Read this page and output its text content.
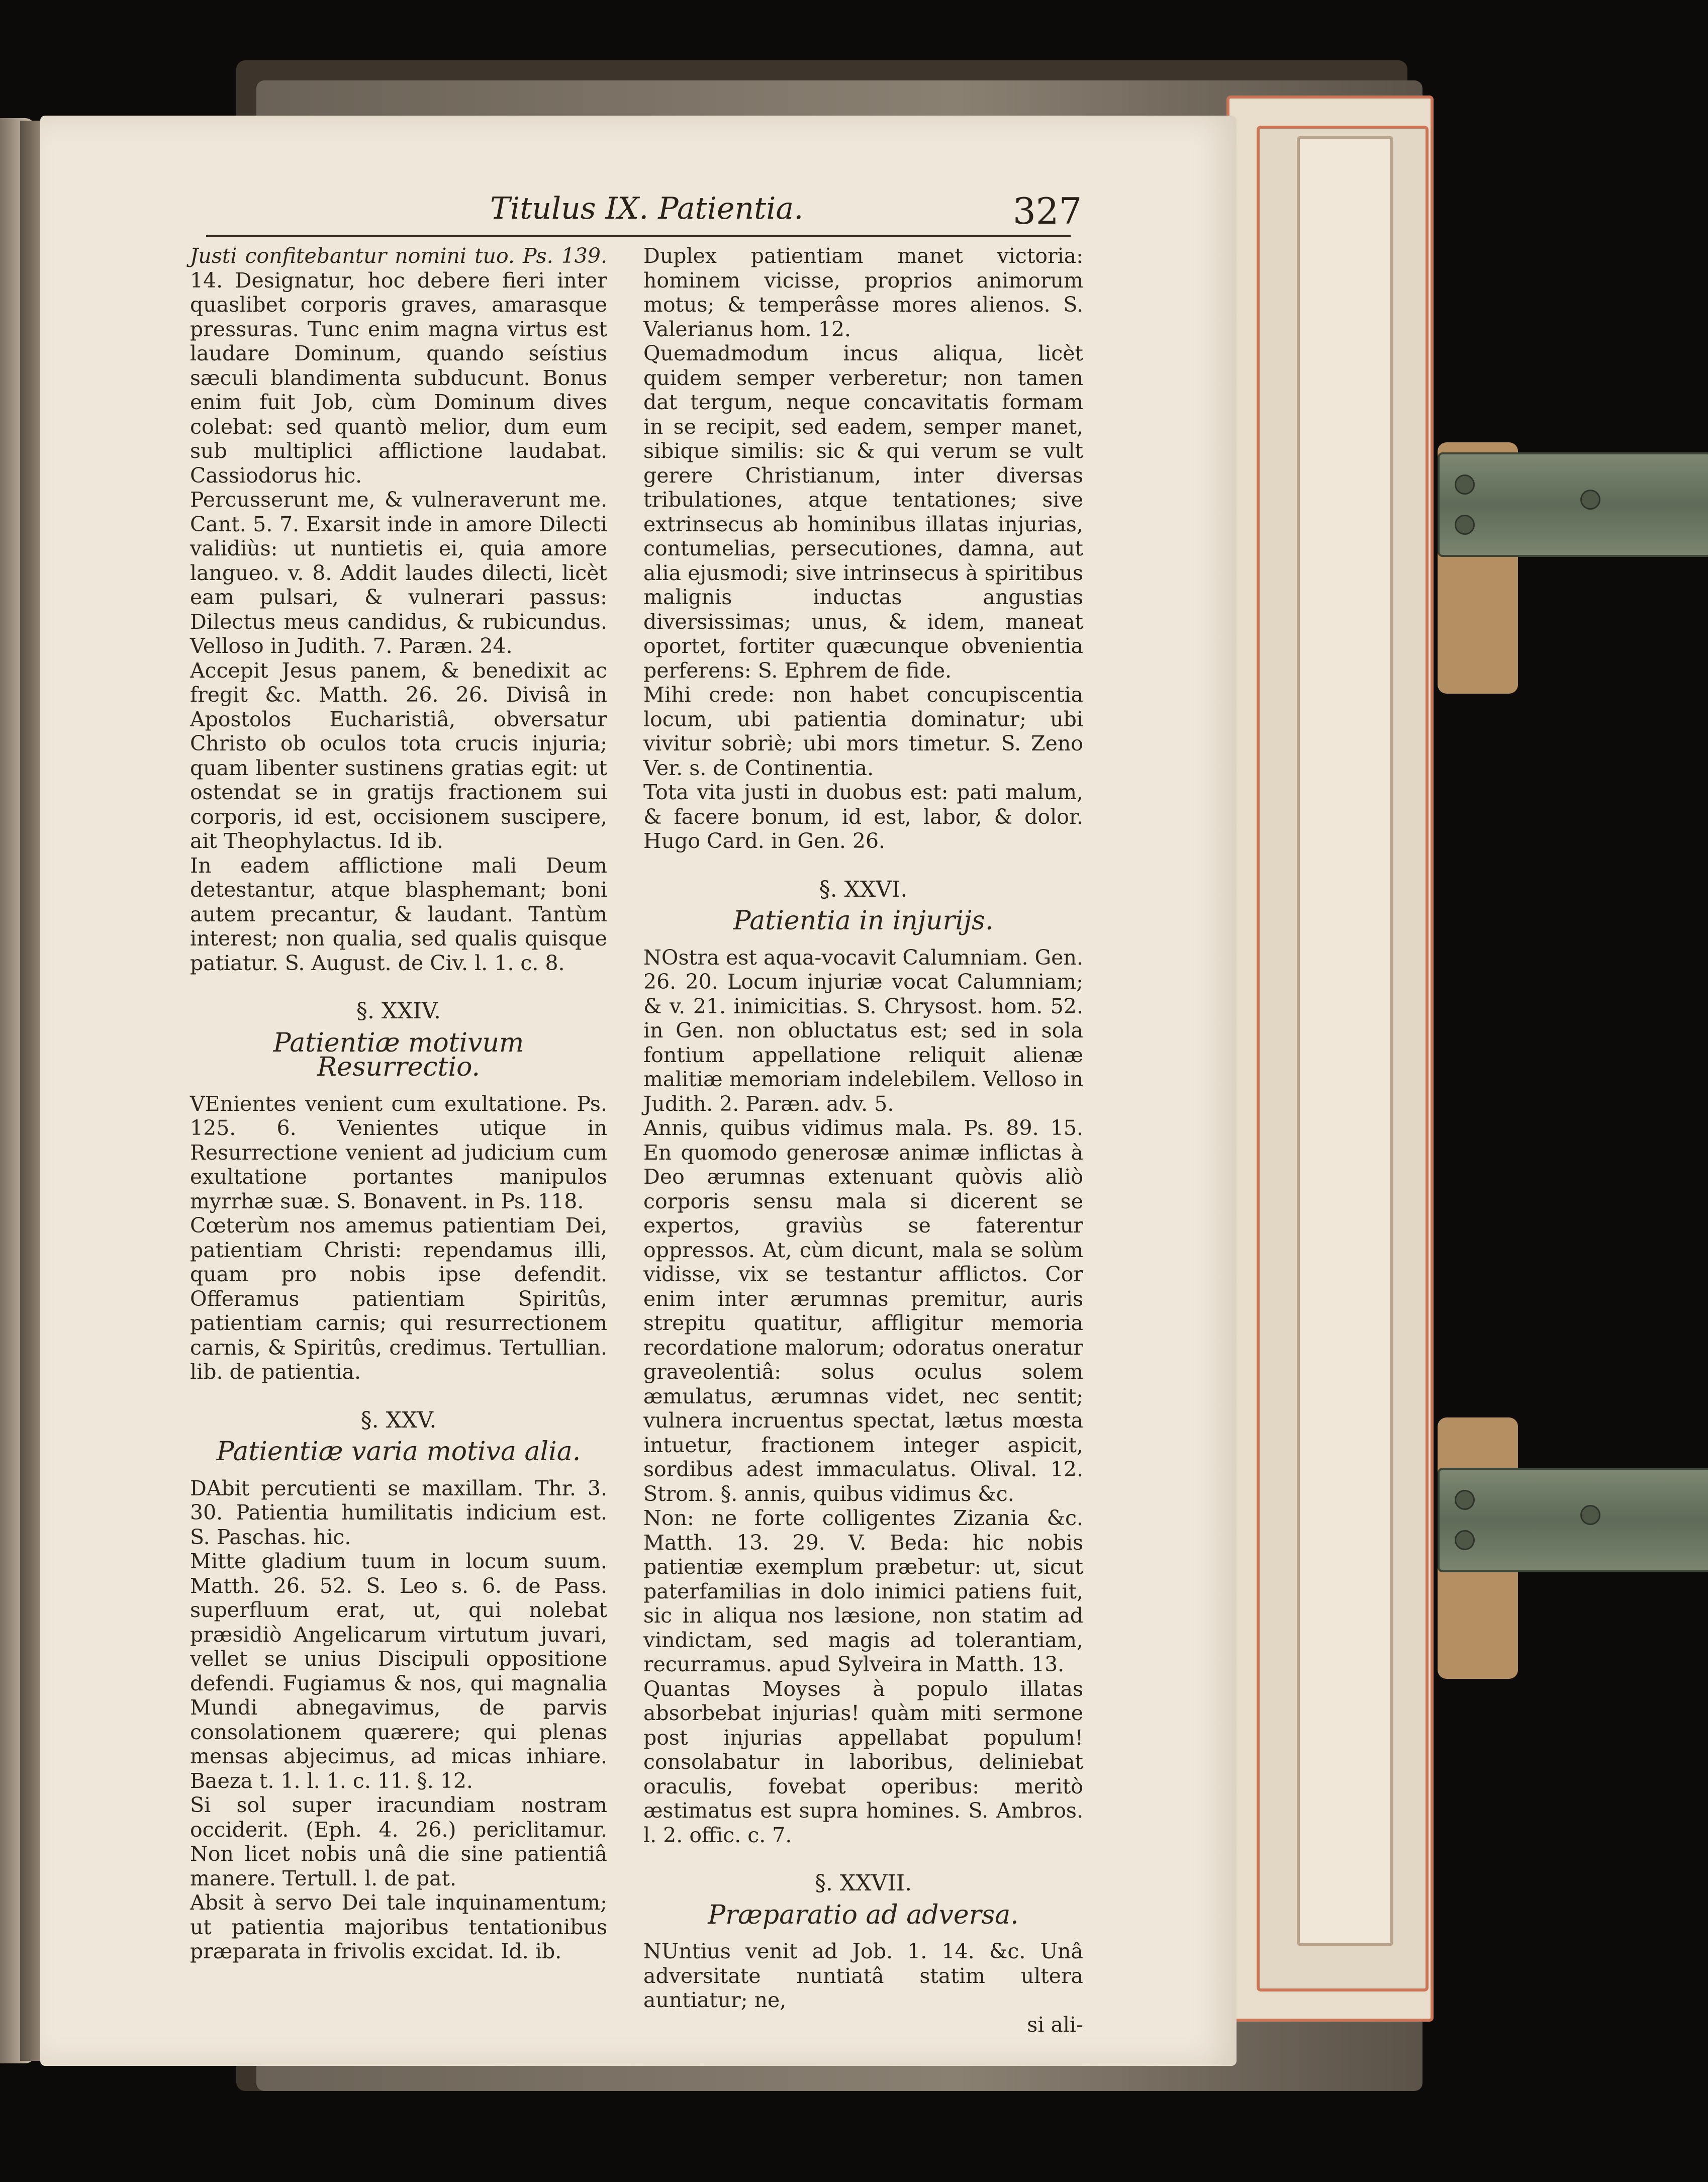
Titulus IX. Patientia.	327

Justi confitebantur nomini tuo. Ps. 139. 14. Designatur, hoc debere fieri inter quaslibet corporis graves, amarasque pressuras. Tunc enim magna virtus est laudare Dominum, quando seístius sæculi blandimenta subducunt. Bonus enim fuit Job, cùm Dominum dives colebat: sed quantò melior, dum eum sub multiplici afflictione laudabat. Cassiodorus hic.

Percusserunt me, & vulneraverunt me. Cant. 5. 7. Exarsit inde in amore Dilecti validiùs: ut nuntietis ei, quia amore langueo. v. 8. Addit laudes dilecti, licèt eam pulsari, & vulnerari passus: Dilectus meus candidus, & rubicundus. Velloso in Judith. 7. Paræn. 24.

Accepit Jesus panem, & benedixit ac fregit &c. Matth. 26. 26. Divisâ in Apostolos Eucharistiâ, obversatur Christo ob oculos tota crucis injuria; quam libenter sustinens gratias egit: ut ostendat se in gratijs fractionem sui corporis, id est, occisionem suscipere, ait Theophylactus. Id ib.

In eadem afflictione mali Deum detestantur, atque blasphemant; boni autem precantur, & laudant. Tantùm interest; non qualia, sed qualis quisque patiatur. S. August. de Civ. l. 1. c. 8.

§. XXIV.
Patientiæ motivum Resurrectio.

VEnientes venient cum exultatione. Ps. 125. 6. Venientes utique in Resurrectione venient ad judicium cum exultatione portantes manipulos myrrhæ suæ. S. Bonavent. in Ps. 118.

Cœterùm nos amemus patientiam Dei, patientiam Christi: rependamus illi, quam pro nobis ipse defendit. Offeramus patientiam Spiritûs, patientiam carnis; qui resurrectionem carnis, & Spiritûs, credimus. Tertullian. lib. de patientia.

§. XXV.
Patientiæ varia motiva alia.

DAbit percutienti se maxillam. Thr. 3. 30. Patientia humilitatis indicium est. S. Paschas. hic.

Mitte gladium tuum in locum suum. Matth. 26. 52. S. Leo s. 6. de Pass. superfluum erat, ut, qui nolebat præsidiò Angelicarum virtutum juvari, vellet se unius Discipuli oppositione defendi. Fugiamus & nos, qui magnalia Mundi abnegavimus, de parvis consolationem quærere; qui plenas mensas abjecimus, ad micas inhiare. Baeza t. 1. l. 1. c. 11. §. 12.

Si sol super iracundiam nostram occiderit. (Eph. 4. 26.) periclitamur. Non licet nobis unâ die sine patientiâ manere. Tertull. l. de pat.

Absit à servo Dei tale inquinamentum; ut patientia majoribus tentationibus præparata in frivolis excidat. Id. ib.

Duplex patientiam manet victoria: hominem vicisse, proprios animorum motus; & temperâsse mores alienos. S. Valerianus hom. 12.

Quemadmodum incus aliqua, licèt quidem semper verberetur; non tamen dat tergum, neque concavitatis formam in se recipit, sed eadem, semper manet, sibique similis: sic & qui verum se vult gerere Christianum, inter diversas tribulationes, atque tentationes; sive extrinsecus ab hominibus illatas injurias, contumelias, persecutiones, damna, aut alia ejusmodi; sive intrinsecus à spiritibus malignis inductas angustias diversissimas; unus, & idem, maneat oportet, fortiter quæcunque obvenientia perferens: S. Ephrem de fide.

Mihi crede: non habet concupiscentia locum, ubi patientia dominatur; ubi vivitur sobriè; ubi mors timetur. S. Zeno Ver. s. de Continentia.

Tota vita justi in duobus est: pati malum, & facere bonum, id est, labor, & dolor. Hugo Card. in Gen. 26.

§. XXVI.
Patientia in injurijs.

NOstra est aqua-vocavit Calumniam. Gen. 26. 20. Locum injuriæ vocat Calumniam; & v. 21. inimicitias. S. Chrysost. hom. 52. in Gen. non obluctatus est; sed in sola fontium appellatione reliquit alienæ malitiæ memoriam indelebilem. Velloso in Judith. 2. Paræn. adv. 5.

Annis, quibus vidimus mala. Ps. 89. 15. En quomodo generosæ animæ inflictas à Deo ærumnas extenuant quòvis aliò corporis sensu mala si dicerent se expertos, graviùs se faterentur oppressos. At, cùm dicunt, mala se solùm vidisse, vix se testantur afflictos. Cor enim inter ærumnas premitur, auris strepitu quatitur, affligitur memoria recordatione malorum; odoratus oneratur graveolentiâ: solus oculus solem æmulatus, ærumnas videt, nec sentit; vulnera incruentus spectat, lætus mœsta intuetur, fractionem integer aspicit, sordibus adest immaculatus. Olival. 12. Strom. §. annis, quibus vidimus &c.

Non: ne forte colligentes Zizania &c. Matth. 13. 29. V. Beda: hic nobis patientiæ exemplum præbetur: ut, sicut paterfamilias in dolo inimici patiens fuit, sic in aliqua nos læsione, non statim ad vindictam, sed magis ad tolerantiam, recurramus. apud Sylveira in Matth. 13.

Quantas Moyses à populo illatas absorbebat injurias! quàm miti sermone post injurias appellabat populum! consolabatur in laboribus, deliniebat oraculis, fovebat operibus: meritò æstimatus est supra homines. S. Ambros. l. 2. offic. c. 7.

§. XXVII.
Præparatio ad adversa.

NUntius venit ad Job. 1. 14. &c. Unâ adversitate nuntiatâ statim ultera auntiatur; ne,

si ali-
